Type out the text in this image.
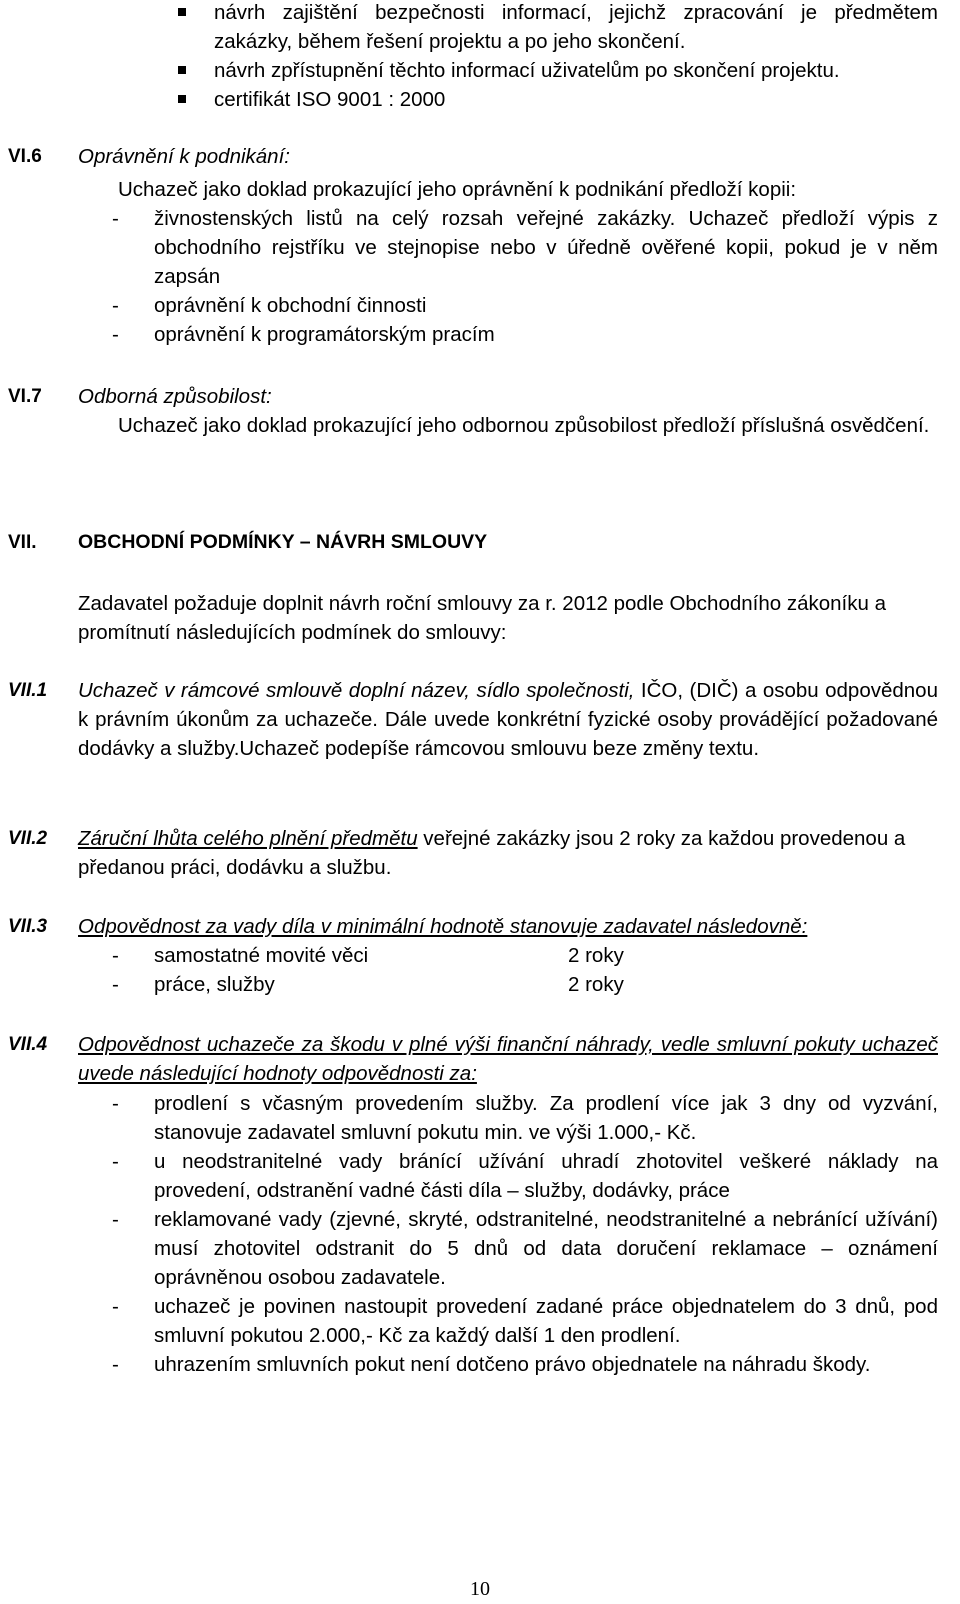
návrh zajištění bezpečnosti informací, jejichž zpracování je předmětem zakázky, během řešení projektu a po jeho skončení.
návrh zpřístupnění těchto informací uživatelům po skončení projektu.
certifikát ISO 9001 : 2000
VI.6 Oprávnění k podnikání:
Uchazeč jako doklad prokazující jeho oprávnění k podnikání předloží kopii:
- živnostenských listů na celý rozsah veřejné zakázky. Uchazeč předloží výpis z obchodního rejstříku ve stejnopise nebo v úředně ověřené kopii, pokud je v něm zapsán
- oprávnění k obchodní činnosti
- oprávnění k programátorským pracím
VI.7 Odborná způsobilost:
Uchazeč jako doklad prokazující jeho odbornou způsobilost předloží příslušná osvědčení.
VII. OBCHODNÍ PODMÍNKY – NÁVRH SMLOUVY
Zadavatel požaduje doplnit návrh roční smlouvy za r. 2012 podle Obchodního zákoníku a promítnutí následujících podmínek do smlouvy:
VII.1 Uchazeč v rámcové smlouvě doplní název, sídlo společnosti, IČO, (DIČ) a osobu odpovědnou k právním úkonům za uchazeče. Dále uvede konkrétní fyzické osoby provádějící požadované dodávky a služby.Uchazeč podepíše rámcovou smlouvu beze změny textu.
VII.2 Záruční lhůta celého plnění předmětu veřejné zakázky jsou 2 roky za každou provedenou a předanou práci, dodávku a službu.
VII.3 Odpovědnost za vady díla v minimální hodnotě stanovuje zadavatel následovně:
- samostatné movité věci	2 roky
- práce, služby	2 roky
VII.4 Odpovědnost uchazeče za škodu v plné výši finanční náhrady, vedle smluvní pokuty uchazeč uvede následující hodnoty odpovědnosti za:
- prodlení s včasným provedením služby. Za prodlení více jak 3 dny od vyzvání, stanovuje zadavatel smluvní pokutu min. ve výši 1.000,- Kč.
- u neodstranitelné vady bránící užívání uhradí zhotovitel veškeré náklady na provedení, odstranění vadné části díla – služby, dodávky, práce
- reklamované vady (zjevné, skryté, odstranitelné, neodstranitelné a nebránící užívání) musí zhotovitel odstranit do 5 dnů od data doručení reklamace – oznámení oprávněnou osobou zadavatele.
- uchazeč je povinen nastoupit provedení zadané práce objednatelem do 3 dnů, pod smluvní pokutou 2.000,- Kč za každý další 1 den prodlení.
- uhrazením smluvních pokut není dotčeno právo objednatele na náhradu škody.
10
